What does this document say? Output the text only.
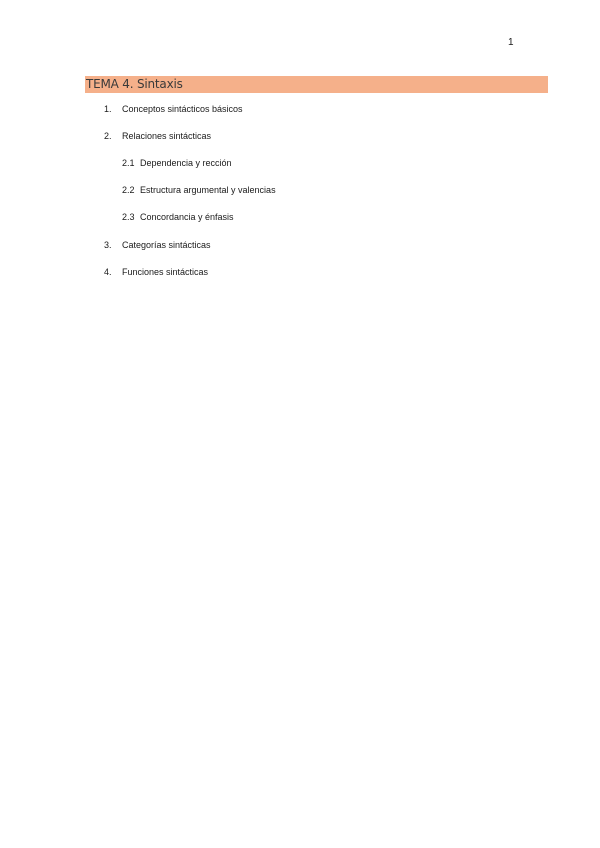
1
TEMA 4. Sintaxis
1. Conceptos sintácticos básicos
2. Relaciones sintácticas
2.1 Dependencia y rección
2.2 Estructura argumental y valencias
2.3 Concordancia y énfasis
3. Categorías sintácticas
4. Funciones sintácticas
